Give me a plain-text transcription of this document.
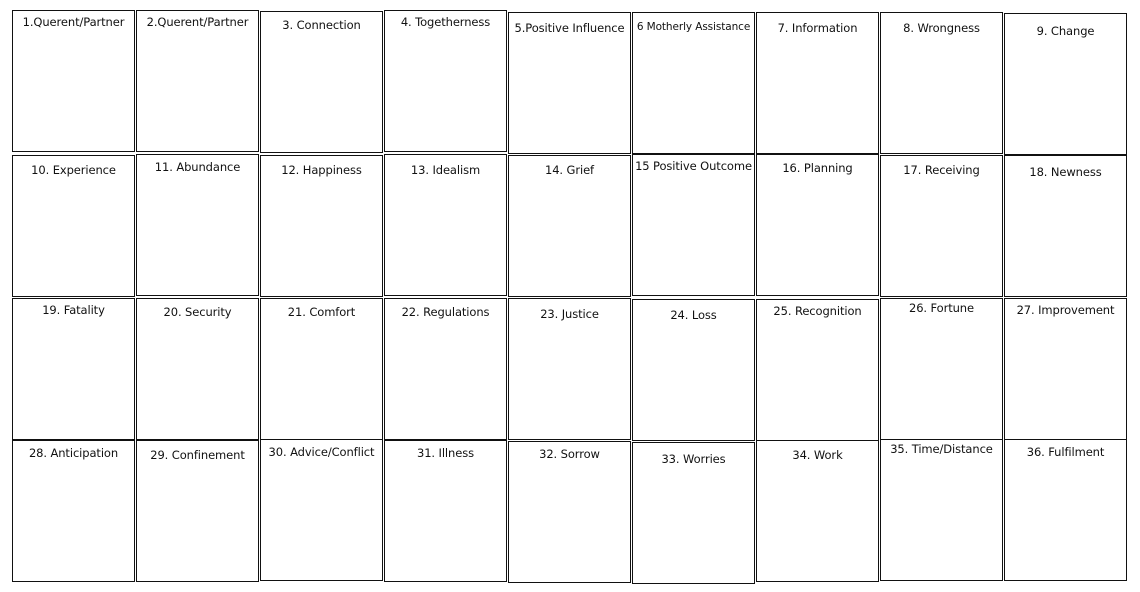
1.Querent/Partner	2.Querent/Partner	3. Connection	4. Togetherness	5.Positive Influence	6 Motherly Assistance	7. Information	8. Wrongness	9. Change
10. Experience	11. Abundance	12. Happiness	13. Idealism	14. Grief	15 Positive Outcome	16. Planning	17. Receiving	18. Newness
19. Fatality	20. Security	21. Comfort	22. Regulations	23. Justice	24. Loss	25. Recognition	26. Fortune	27. Improvement
28. Anticipation	29. Confinement	30. Advice/Conflict	31. Illness	32. Sorrow	33. Worries	34. Work	35. Time/Distance	36. Fulfilment
